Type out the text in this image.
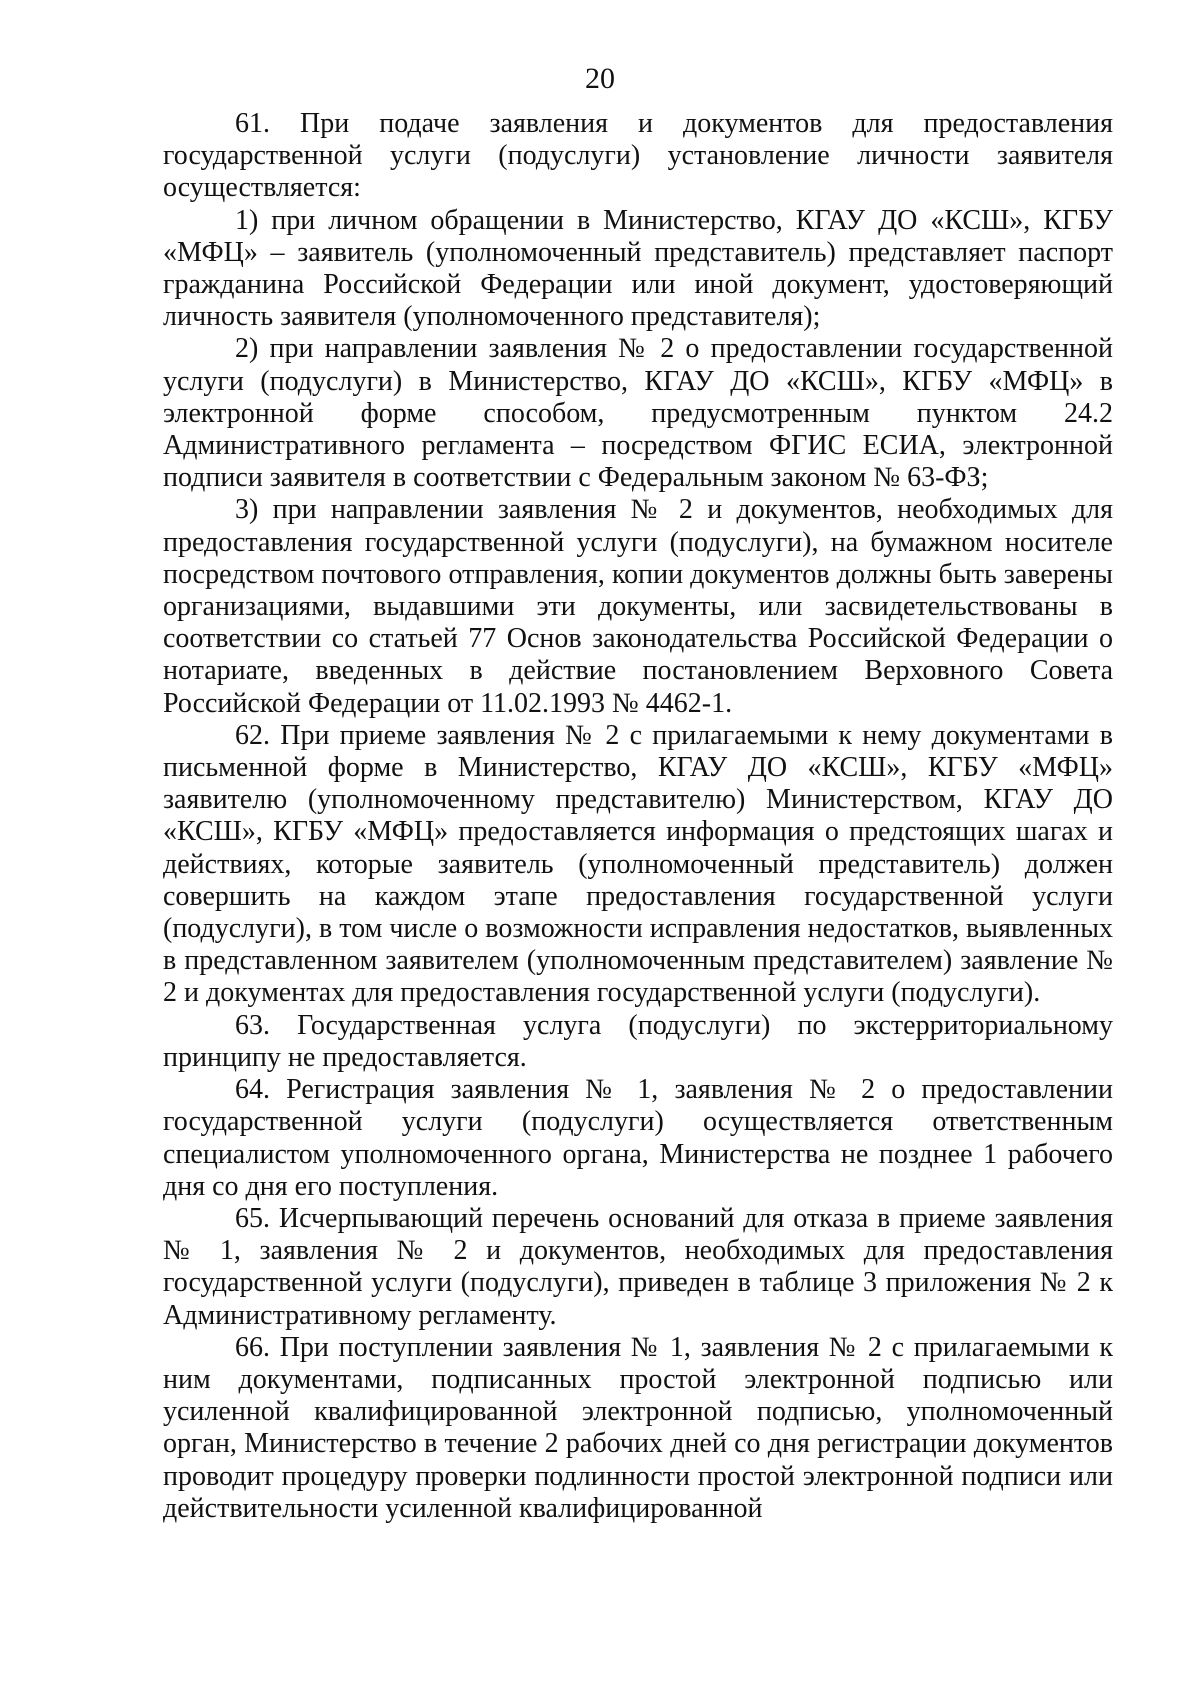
20

61. При подаче заявления и документов для предоставления государственной услуги (подуслуги) установление личности заявителя осуществляется:

1) при личном обращении в Министерство, КГАУ ДО «КСШ», КГБУ «МФЦ» – заявитель (уполномоченный представитель) представляет паспорт гражданина Российской Федерации или иной документ, удостоверяющий личность заявителя (уполномоченного представителя);

2) при направлении заявления № 2 о предоставлении государственной услуги (подуслуги) в Министерство, КГАУ ДО «КСШ», КГБУ «МФЦ» в электронной форме способом, предусмотренным пунктом 24.2 Административного регламента – посредством ФГИС ЕСИА, электронной подписи заявителя в соответствии с Федеральным законом № 63-ФЗ;

3) при направлении заявления № 2 и документов, необходимых для предоставления государственной услуги (подуслуги), на бумажном носителе посредством почтового отправления, копии документов должны быть заверены организациями, выдавшими эти документы, или засвидетельствованы в соответствии со статьей 77 Основ законодательства Российской Федерации о нотариате, введенных в действие постановлением Верховного Совета Российской Федерации от 11.02.1993 № 4462-1.

62. При приеме заявления № 2 с прилагаемыми к нему документами в письменной форме в Министерство, КГАУ ДО «КСШ», КГБУ «МФЦ» заявителю (уполномоченному представителю) Министерством, КГАУ ДО «КСШ», КГБУ «МФЦ» предоставляется информация о предстоящих шагах и действиях, которые заявитель (уполномоченный представитель) должен совершить на каждом этапе предоставления государственной услуги (подуслуги), в том числе о возможности исправления недостатков, выявленных в представленном заявителем (уполномоченным представителем) заявление № 2 и документах для предоставления государственной услуги (подуслуги).

63. Государственная услуга (подуслуги) по экстерриториальному принципу не предоставляется.

64. Регистрация заявления № 1, заявления № 2 о предоставлении государственной услуги (подуслуги) осуществляется ответственным специалистом уполномоченного органа, Министерства не позднее 1 рабочего дня со дня его поступления.

65. Исчерпывающий перечень оснований для отказа в приеме заявления № 1, заявления № 2 и документов, необходимых для предоставления государственной услуги (подуслуги), приведен в таблице 3 приложения № 2 к Административному регламенту.

66. При поступлении заявления № 1, заявления № 2 с прилагаемыми к ним документами, подписанных простой электронной подписью или усиленной квалифицированной электронной подписью, уполномоченный орган, Министерство в течение 2 рабочих дней со дня регистрации документов проводит процедуру проверки подлинности простой электронной подписи или действительности усиленной квалифицированной
